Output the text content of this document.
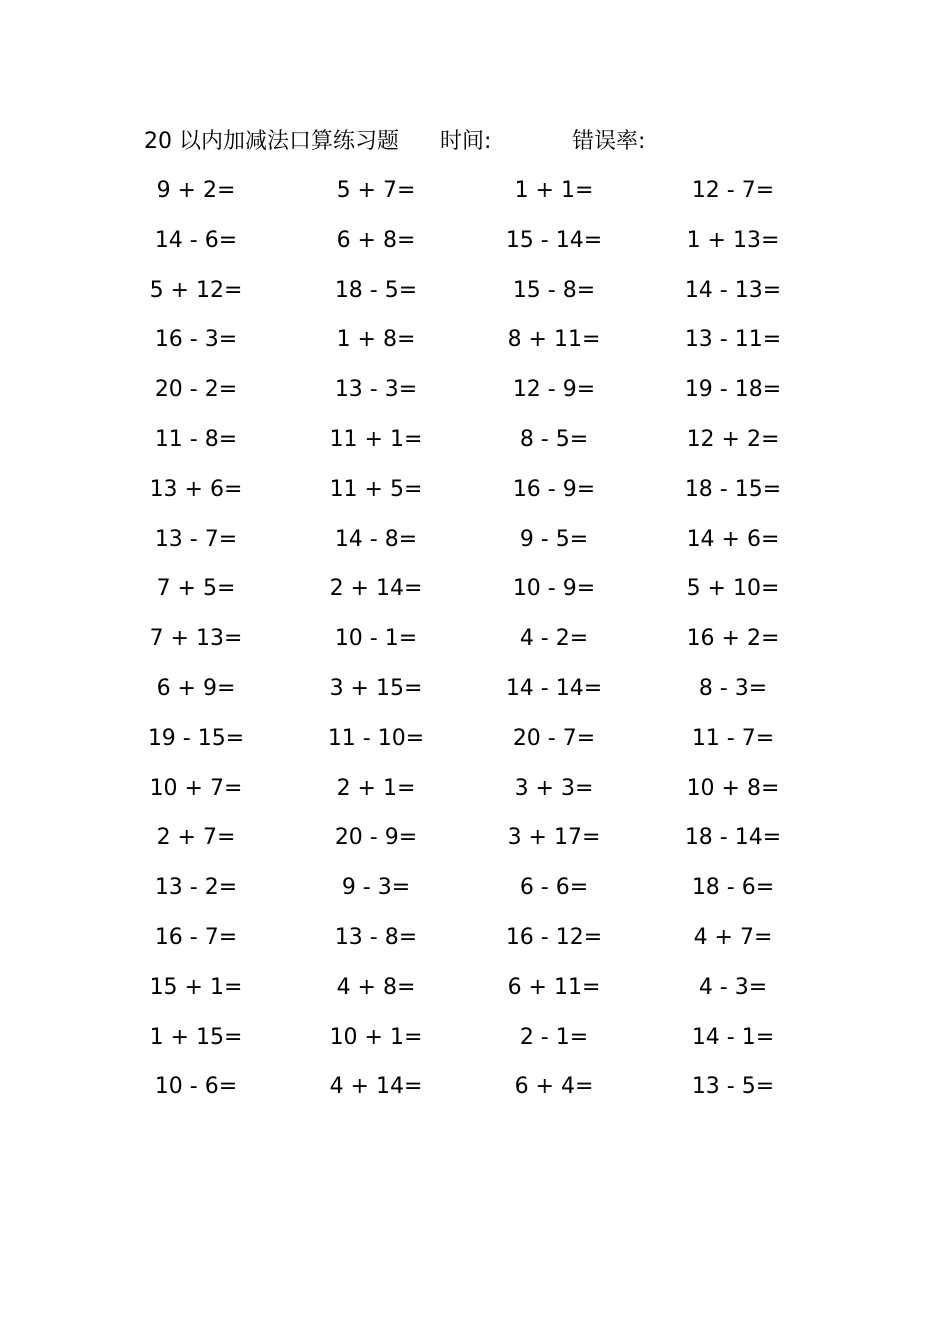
20 以内加减法口算练习题 时间:	错误率:
9 + 2=	5 + 7=	1 + 1=	12 - 7=
14 - 6=	6 + 8=	15 - 14=	1 + 13=
5 + 12=	18 - 5=	15 - 8=	14 - 13=
16 - 3=	1 + 8=	8 + 11=	13 - 11=
20 - 2=	13 - 3=	12 - 9=	19 - 18=
11 - 8=	11 + 1=	8 - 5=	12 + 2=
13 + 6=	11 + 5=	16 - 9=	18 - 15=
13 - 7=	14 - 8=	9 - 5=	14 + 6=
7 + 5=	2 + 14=	10 - 9=	5 + 10=
7 + 13=	10 - 1=	4 - 2=	16 + 2=
6 + 9=	3 + 15=	14 - 14=	8 - 3=
19 - 15=	11 - 10=	20 - 7=	11 - 7=
10 + 7=	2 + 1=	3 + 3=	10 + 8=
2 + 7=	20 - 9=	3 + 17=	18 - 14=
13 - 2=	9 - 3=	6 - 6=	18 - 6=
16 - 7=	13 - 8=	16 - 12=	4 + 7=
15 + 1=	4 + 8=	6 + 11=	4 - 3=
1 + 15=	10 + 1=	2 - 1=	14 - 1=
10 - 6=	4 + 14=	6 + 4=	13 - 5=
